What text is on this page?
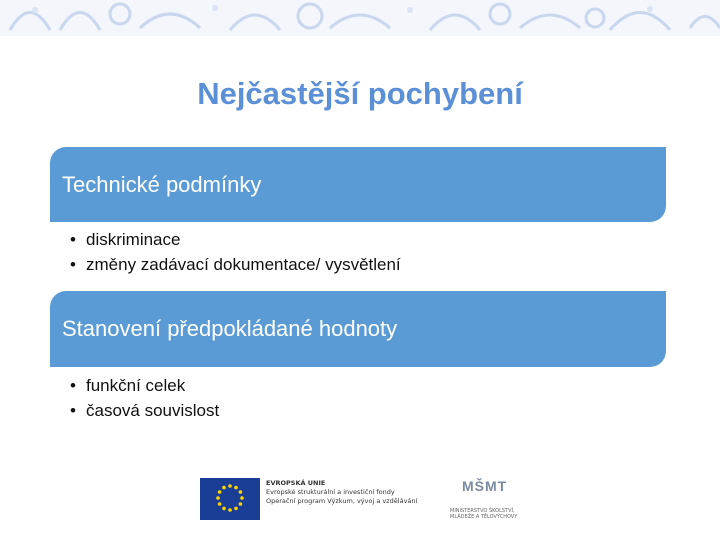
Nejčastější pochybení
Technické podmínky
• diskriminace
• změny zadávací dokumentace/ vysvětlení
Stanovení předpokládané hodnoty
• funkční celek
• časová souvislost
EVROPSKÁ UNIE
Evropské strukturální a investiční fondy
Operační program Výzkum, vývoj a vzdělávání
MŠMT
MINISTERSTVO ŠKOLSTVÍ,
MLÁDEŽE A TĚLOVÝCHOVY
